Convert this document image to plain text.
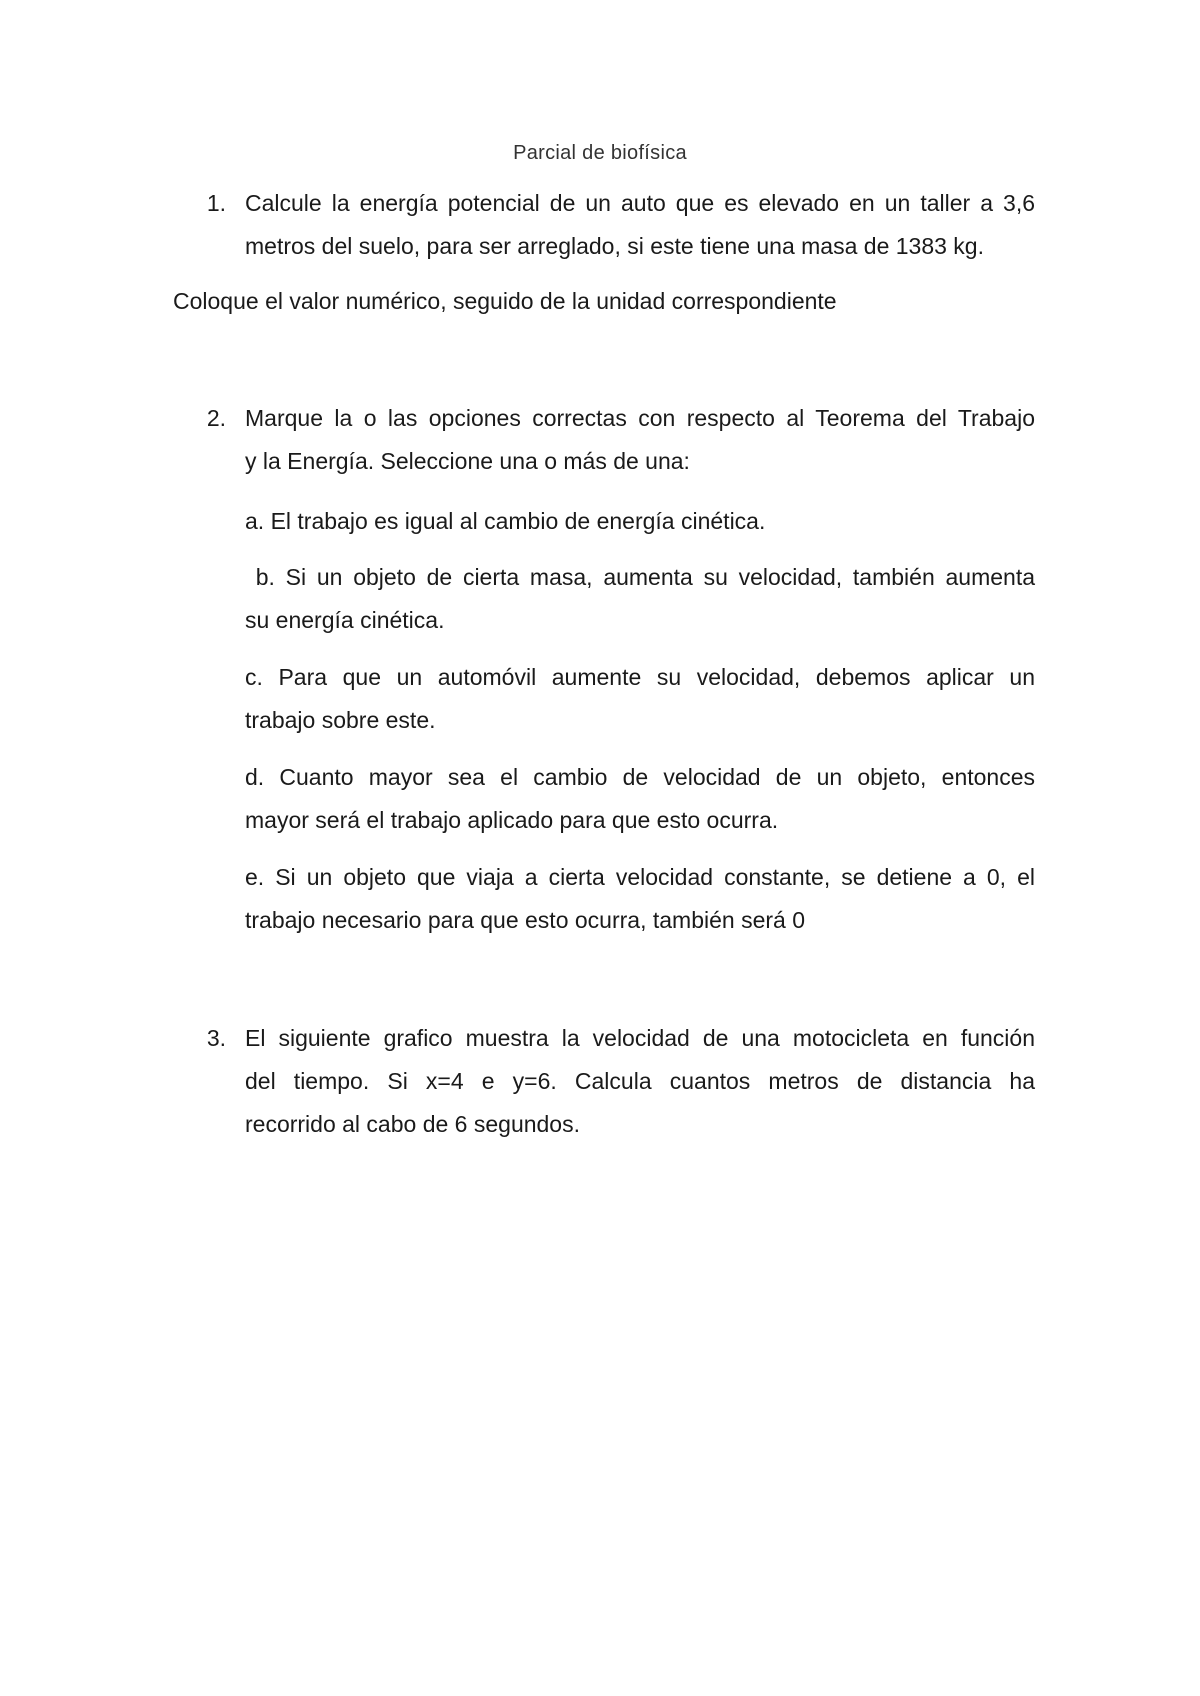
Parcial de biofísica
1. Calcule la energía potencial de un auto que es elevado en un taller a 3,6

metros del suelo, para ser arreglado, si este tiene una masa de 1383 kg.

Coloque el valor numérico, seguido de la unidad correspondiente
2. Marque la o las opciones correctas con respecto al Teorema del Trabajo

y la Energía. Seleccione una o más de una:

a. El trabajo es igual al cambio de energía cinética.

b. Si un objeto de cierta masa, aumenta su velocidad, también aumenta

su energía cinética.

c. Para que un automóvil aumente su velocidad, debemos aplicar un

trabajo sobre este.

d. Cuanto mayor sea el cambio de velocidad de un objeto, entonces

mayor será el trabajo aplicado para que esto ocurra.

e. Si un objeto que viaja a cierta velocidad constante, se detiene a 0, el

trabajo necesario para que esto ocurra, también será 0

3. El siguiente grafico muestra la velocidad de una motocicleta en función

del tiempo. Si x=4 e y=6. Calcula cuantos metros de distancia ha

recorrido al cabo de 6 segundos.
